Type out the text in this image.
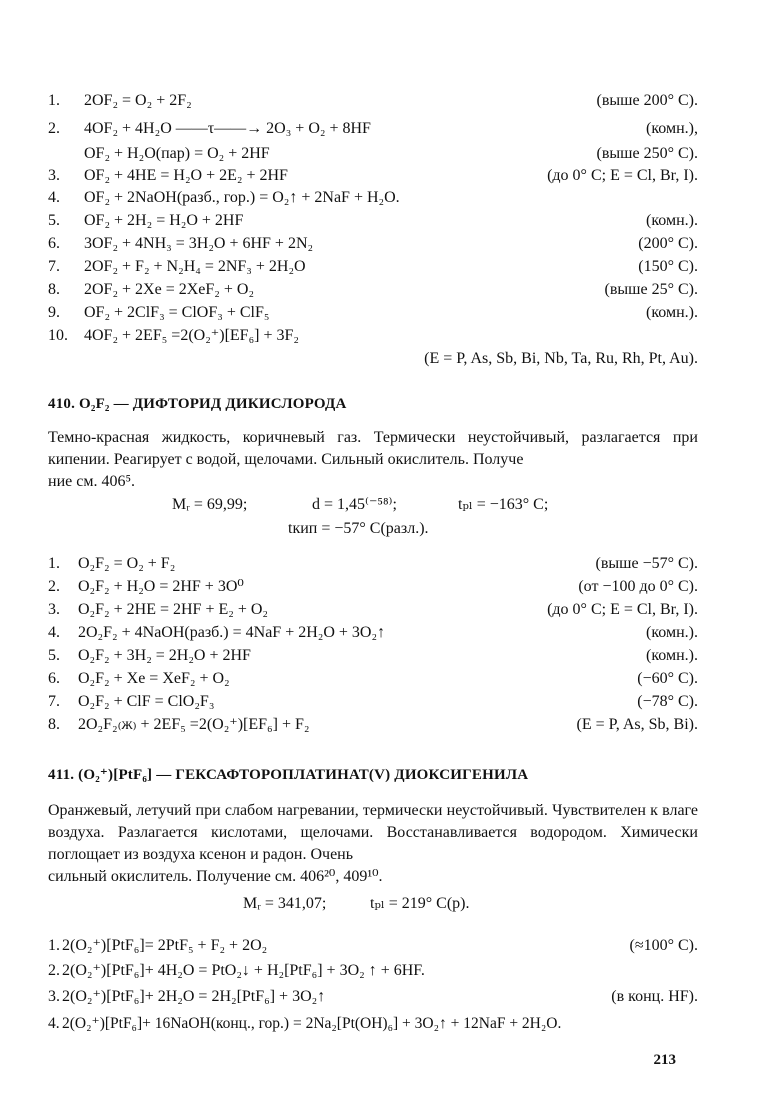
1. 2OF₂ = O₂ + 2F₂	(выше 200° C).
2. 4OF₂ + 4H₂O ——τ——→ 2O₃ + O₂ + 8HF	(комн.),
OF₂ + H₂O(пар) = O₂ + 2HF	(выше 250° C).
3. OF₂ + 4HE = H₂O + 2E₂ + 2HF	(до 0° C; E = Cl, Br, I).
4. OF₂ + 2NaOH(разб., гор.) = O₂↑ + 2NaF + H₂O.
5. OF₂ + 2H₂ = H₂O + 2HF	(комн.).
6. 3OF₂ + 4NH₃ = 3H₂O + 6HF + 2N₂	(200° C).
7. 2OF₂ + F₂ + N₂H₄ = 2NF₃ + 2H₂O	(150° C).
8. 2OF₂ + 2Xe = 2XeF₂ + O₂	(выше 25° C).
9. OF₂ + 2ClF₃ = ClOF₃ + ClF₅	(комн.).
10. 4OF₂ + 2EF₅ =2(O₂⁺)[EF₆] + 3F₂
(E = P, As, Sb, Bi, Nb, Ta, Ru, Rh, Pt, Au).
410. O₂F₂ — ДИФТОРИД ДИКИСЛОРОДА
Темно-красная жидкость, коричневый газ. Термически неустойчивый, разлагается при кипении. Реагирует с водой, щелочами. Сильный окислитель. Получе
ние см. 406⁵.
Mᵣ = 69,99;	d = 1,45⁽⁻⁵⁸⁾;	tₚₗ = −163° C;
tкип = −57° C(разл.).
1. O₂F₂ = O₂ + F₂	(выше −57° C).
2. O₂F₂ + H₂O = 2HF + 3O⁰	(от −100 до 0° C).
3. O₂F₂ + 2HE = 2HF + E₂ + O₂	(до 0° C; E = Cl, Br, I).
4. 2O₂F₂ + 4NaOH(разб.) = 4NaF + 2H₂O + 3O₂↑	(комн.).
5. O₂F₂ + 3H₂ = 2H₂O + 2HF	(комн.).
6. O₂F₂ + Xe = XeF₂ + O₂	(−60° C).
7. O₂F₂ + ClF = ClO₂F₃	(−78° C).
8. 2O₂F₂₍ж₎ + 2EF₅ =2(O₂⁺)[EF₆] + F₂	(E = P, As, Sb, Bi).
411. (O₂⁺)[PtF₆] — ГЕКСАФТОРОПЛАТИНАТ(V) ДИОКСИГЕНИЛА
Оранжевый, летучий при слабом нагревании, термически неустойчивый. Чувствителен к влаге воздуха. Разлагается кислотами, щелочами. Восстанавливается водородом. Химически поглощает из воздуха ксенон и радон. Очень
сильный окислитель. Получение см. 406²⁰, 409¹⁰.
Mᵣ = 341,07;	tₚₗ = 219° C(р).
1. 2(O₂⁺)[PtF₆]= 2PtF₅ + F₂ + 2O₂	(≈100° C).
2. 2(O₂⁺)[PtF₆]+ 4H₂O = PtO₂↓ + H₂[PtF₆] + 3O₂ ↑ + 6HF.
3. 2(O₂⁺)[PtF₆]+ 2H₂O = 2H₂[PtF₆] + 3O₂↑	(в конц. HF).
4. 2(O₂⁺)[PtF₆]+ 16NaOH(конц., гор.) = 2Na₂[Pt(OH)₆] + 3O₂↑ + 12NaF + 2H₂O.
213
